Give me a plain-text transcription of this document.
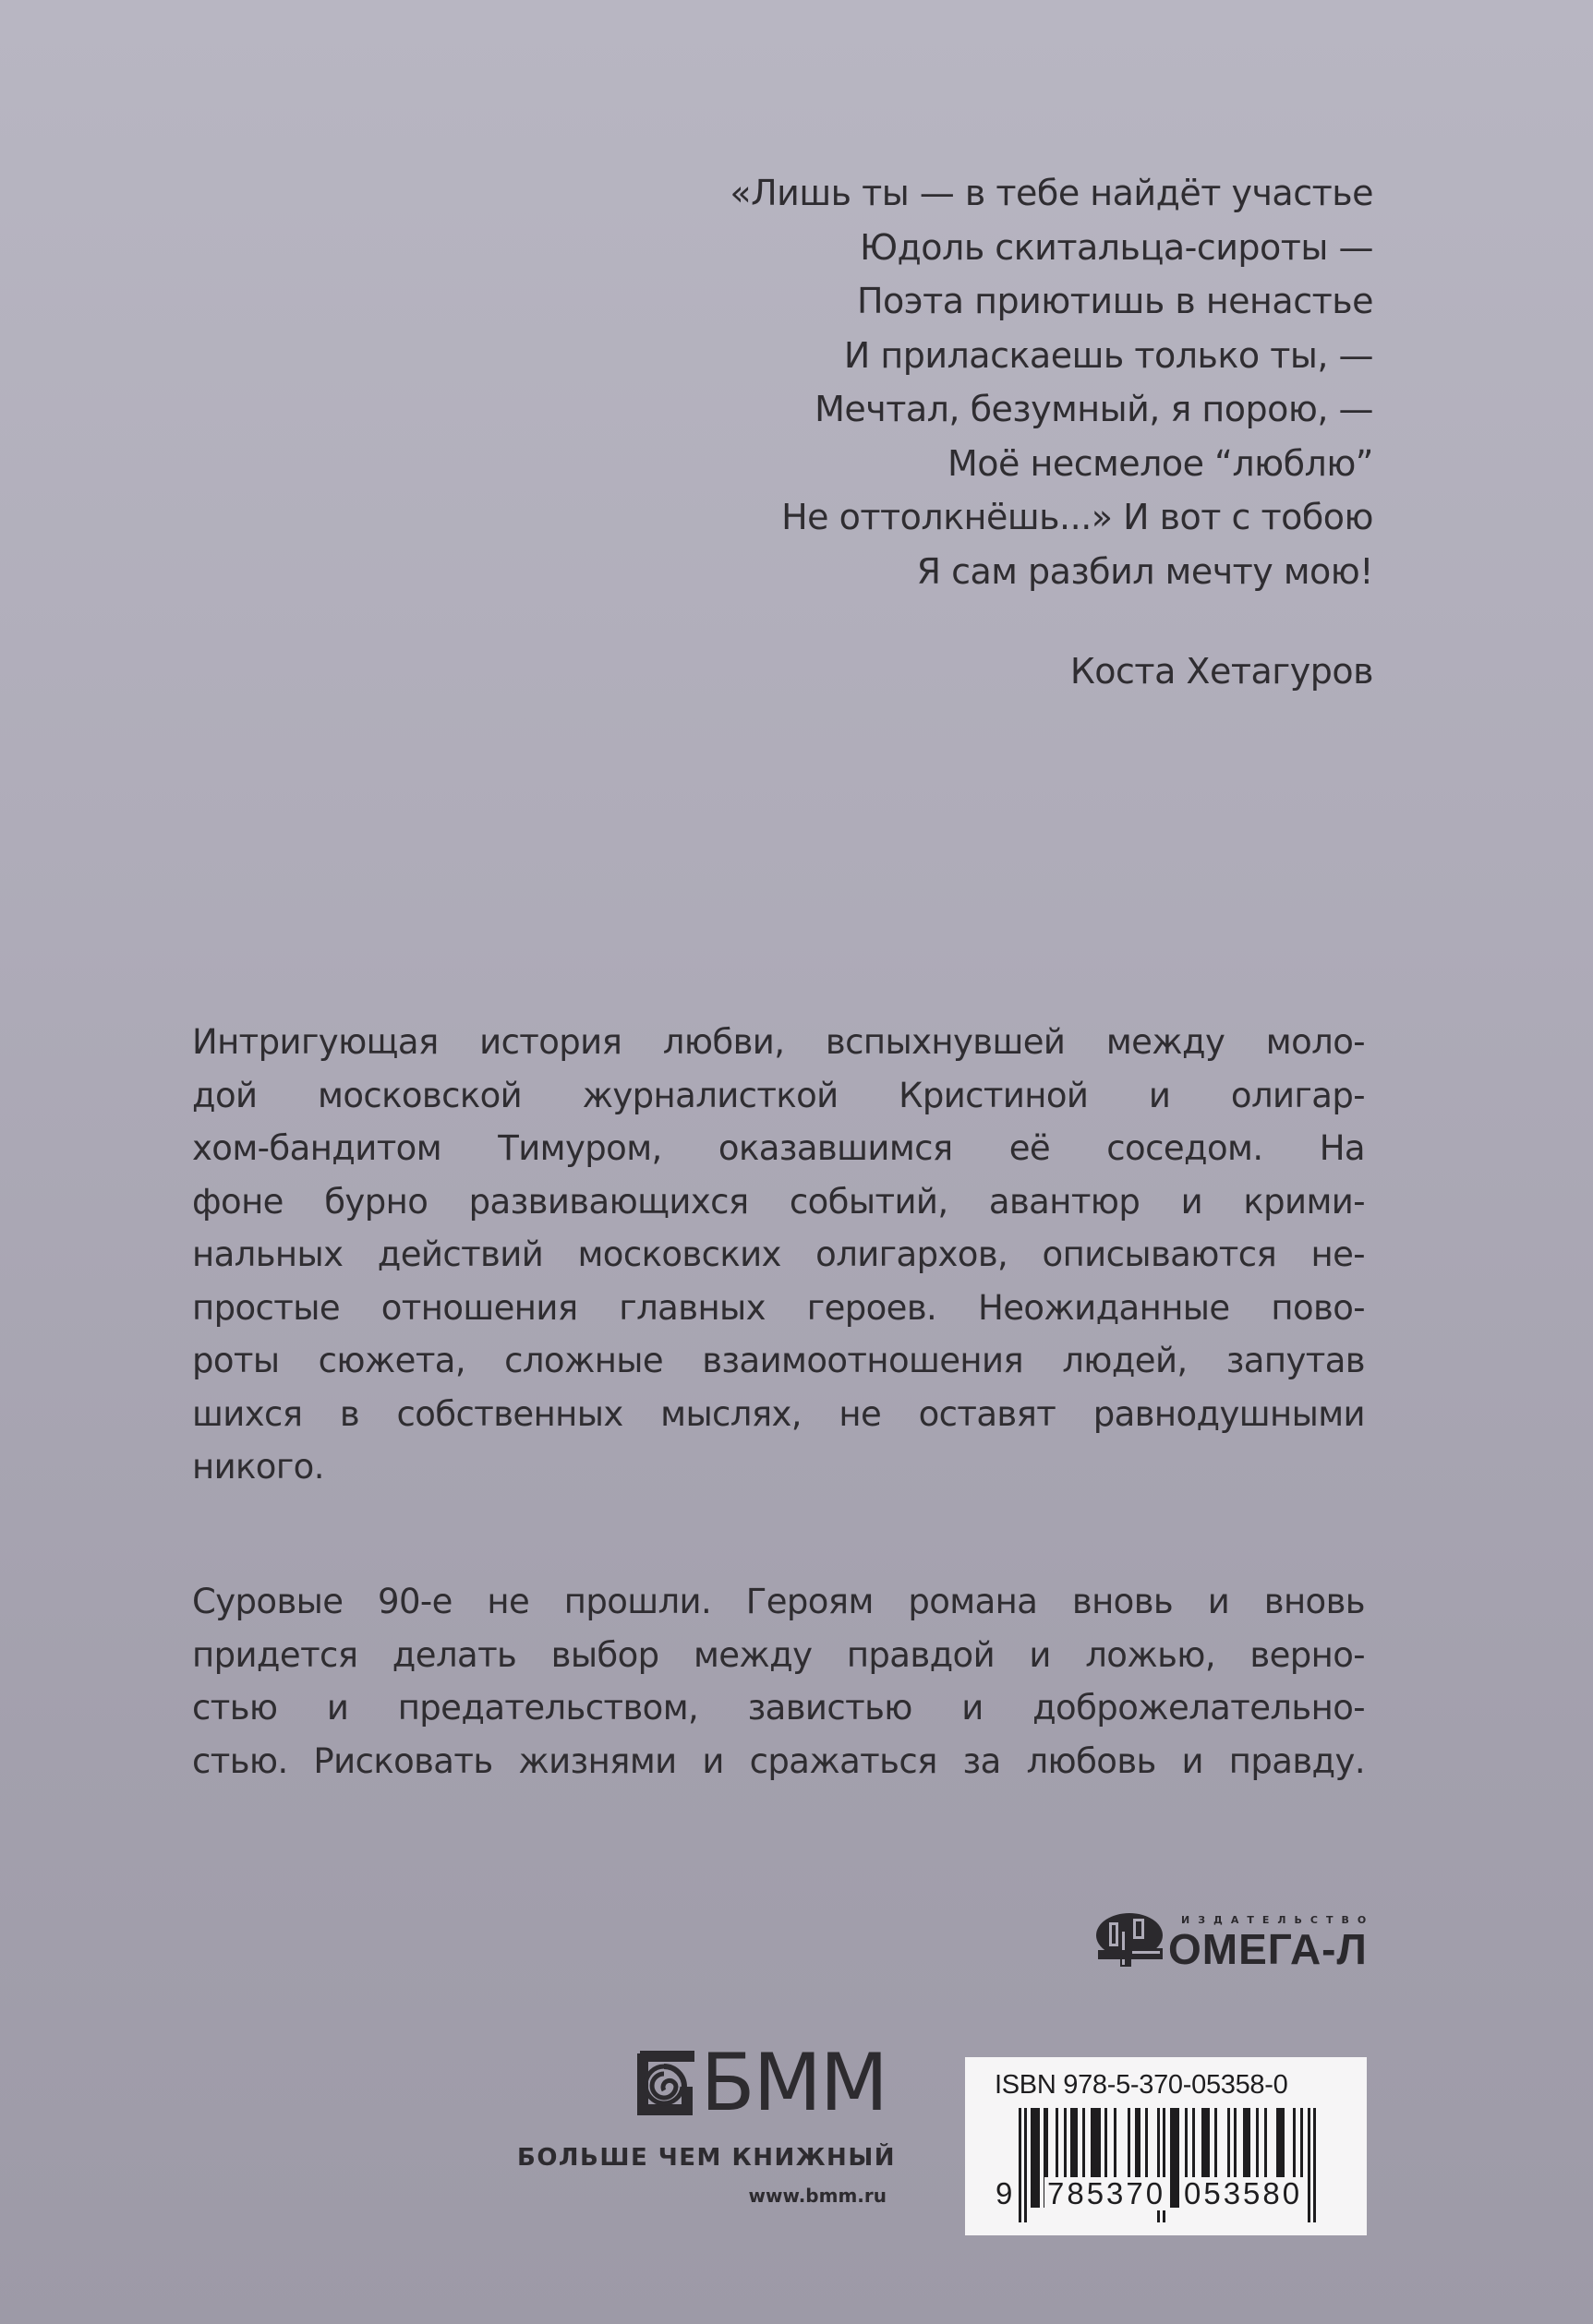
«Лишь ты — в тебе найдёт участье
Юдоль скитальца-сироты —
Поэта приютишь в ненастье
И приласкаешь только ты, —
Мечтал, безумный, я порою, —
Моё несмелое “люблю”
Не оттолкнёшь...» И вот с тобою
Я сам разбил мечту мою!
Коста Хетагуров
Интригующая история любви, вспыхнувшей между моло-
дой московской журналисткой Кристиной и олигар-
хом-бандитом Тимуром, оказавшимся её соседом. На
фоне бурно развивающихся событий, авантюр и крими-
нальных действий московских олигархов, описываются не-
простые отношения главных героев. Неожиданные пово-
роты сюжета, сложные взаимоотношения людей, запутав
шихся в собственных мыслях, не оставят равнодушными
никого.
Суровые 90-е не прошли. Героям романа вновь и вновь
придется делать выбор между правдой и ложью, верно-
стью и предательством, завистью и доброжелательно-
стью. Рисковать жизнями и сражаться за любовь и правду.
ИЗДАТЕЛЬСТВО
ОМЕГА-Л
БММ
БОЛЬШЕ ЧЕМ КНИЖНЫЙ
www.bmm.ru
ISBN 978-5-370-05358-0
9 785370 053580
